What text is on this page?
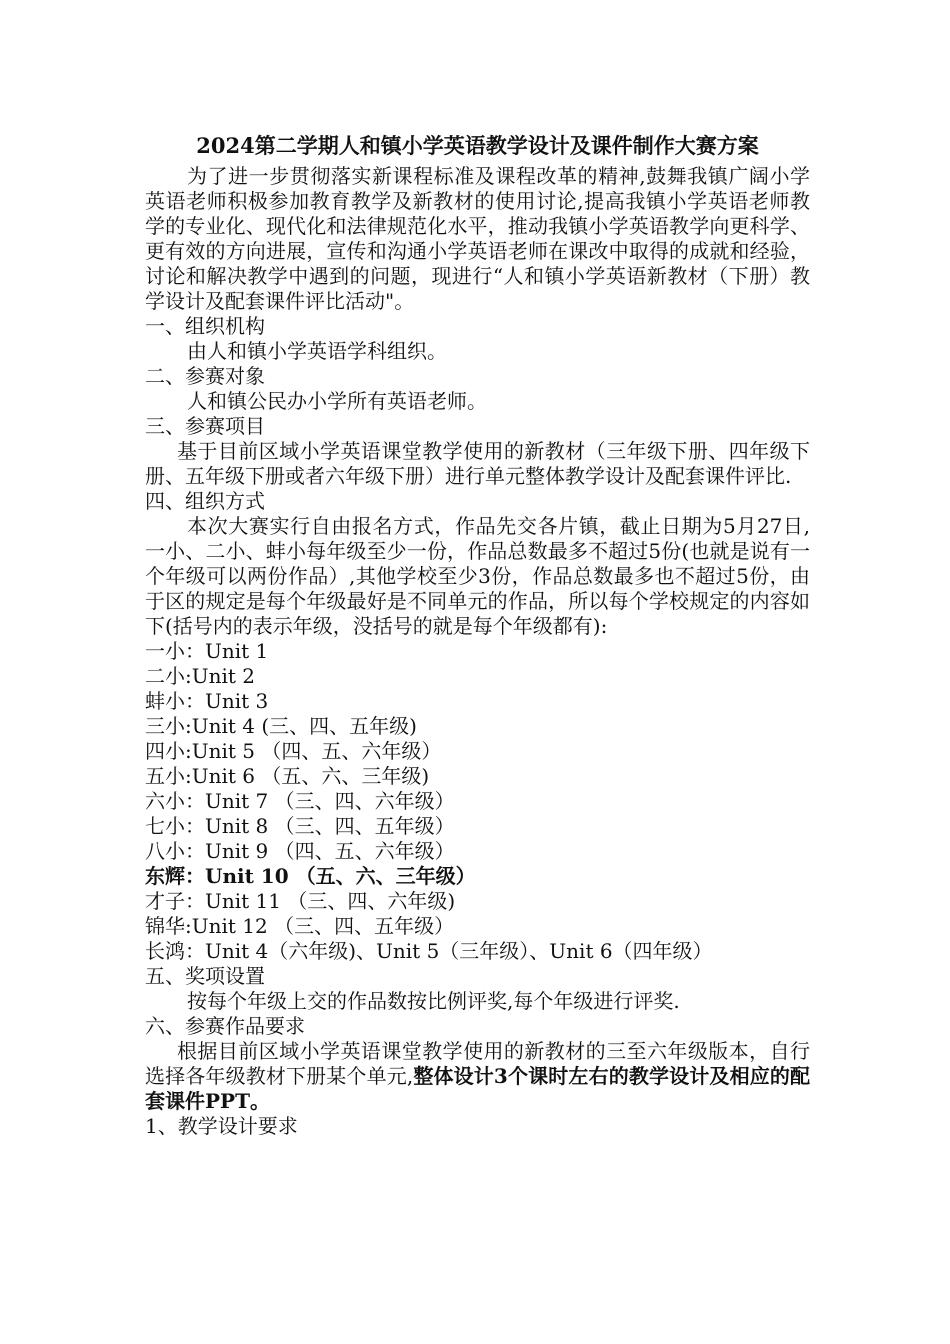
2024第二学期人和镇小学英语教学设计及课件制作大赛方案

为了进一步贯彻落实新课程标准及课程改革的精神,鼓舞我镇广阔小学英语老师积极参加教育教学及新教材的使用讨论,提高我镇小学英语老师教学的专业化、现代化和法律规范化水平，推动我镇小学英语教学向更科学、更有效的方向进展，宣传和沟通小学英语老师在课改中取得的成就和经验，讨论和解决教学中遇到的问题，现进行“人和镇小学英语新教材（下册）教学设计及配套课件评比活动"。

一、组织机构

由人和镇小学英语学科组织。

二、参赛对象

人和镇公民办小学所有英语老师。

三、参赛项目

基于目前区域小学英语课堂教学使用的新教材（三年级下册、四年级下册、五年级下册或者六年级下册）进行单元整体教学设计及配套课件评比.

四、组织方式

本次大赛实行自由报名方式，作品先交各片镇，截止日期为5月27日,一小、二小、蚌小每年级至少一份，作品总数最多不超过5份(也就是说有一个年级可以两份作品）,其他学校至少3份，作品总数最多也不超过5份，由于区的规定是每个年级最好是不同单元的作品，所以每个学校规定的内容如下(括号内的表示年级，没括号的就是每个年级都有):

一小：Unit 1
二小:Unit 2
蚌小：Unit 3
三小:Unit 4 (三、四、五年级)
四小:Unit 5 （四、五、六年级）
五小:Unit 6 （五、六、三年级)
六小：Unit 7 （三、四、六年级）
七小：Unit 8 （三、四、五年级）
八小：Unit 9 （四、五、六年级）
东辉：Unit 10 （五、六、三年级）
才子：Unit 11 （三、四、六年级)
锦华:Unit 12 （三、四、五年级）
长鸿：Unit 4（六年级)、Unit 5（三年级）、Unit 6（四年级）
五、奖项设置

按每个年级上交的作品数按比例评奖,每个年级进行评奖.

六、参赛作品要求

根据目前区域小学英语课堂教学使用的新教材的三至六年级版本，自行选择各年级教材下册某个单元,整体设计3个课时左右的教学设计及相应的配套课件PPT。

1、教学设计要求
